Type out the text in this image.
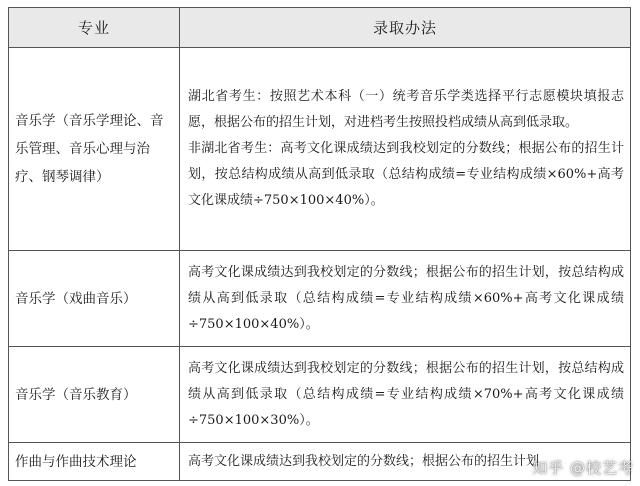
专业	录取办法
音乐学（音乐学理论、音乐管理、音乐心理与治疗、钢琴调律）	湖北省考生：按照艺术本科（一）统考音乐学类选择平行志愿模块填报志愿，根据公布的招生计划，对进档考生按照投档成绩从高到低录取。

非湖北省考生：高考文化课成绩达到我校划定的分数线；根据公布的招生计划，按总结构成绩从高到低录取（总结构成绩=专业结构成绩×60%+高考文化课成绩÷750×100×40%）。

音乐学（戏曲音乐）	高考文化课成绩达到我校划定的分数线；根据公布的招生计划，按总结构成绩从高到低录取（总结构成绩=专业结构成绩×60%+高考文化课成绩÷750×100×40%）。

音乐学（音乐教育）	高考文化课成绩达到我校划定的分数线；根据公布的招生计划，按总结构成绩从高到低录取（总结构成绩=专业结构成绩×70%+高考文化课成绩÷750×100×30%）。

作曲与作曲技术理论	高考文化课成绩达到我校划定的分数线；根据公布的招生计划

知乎 @校艺考
